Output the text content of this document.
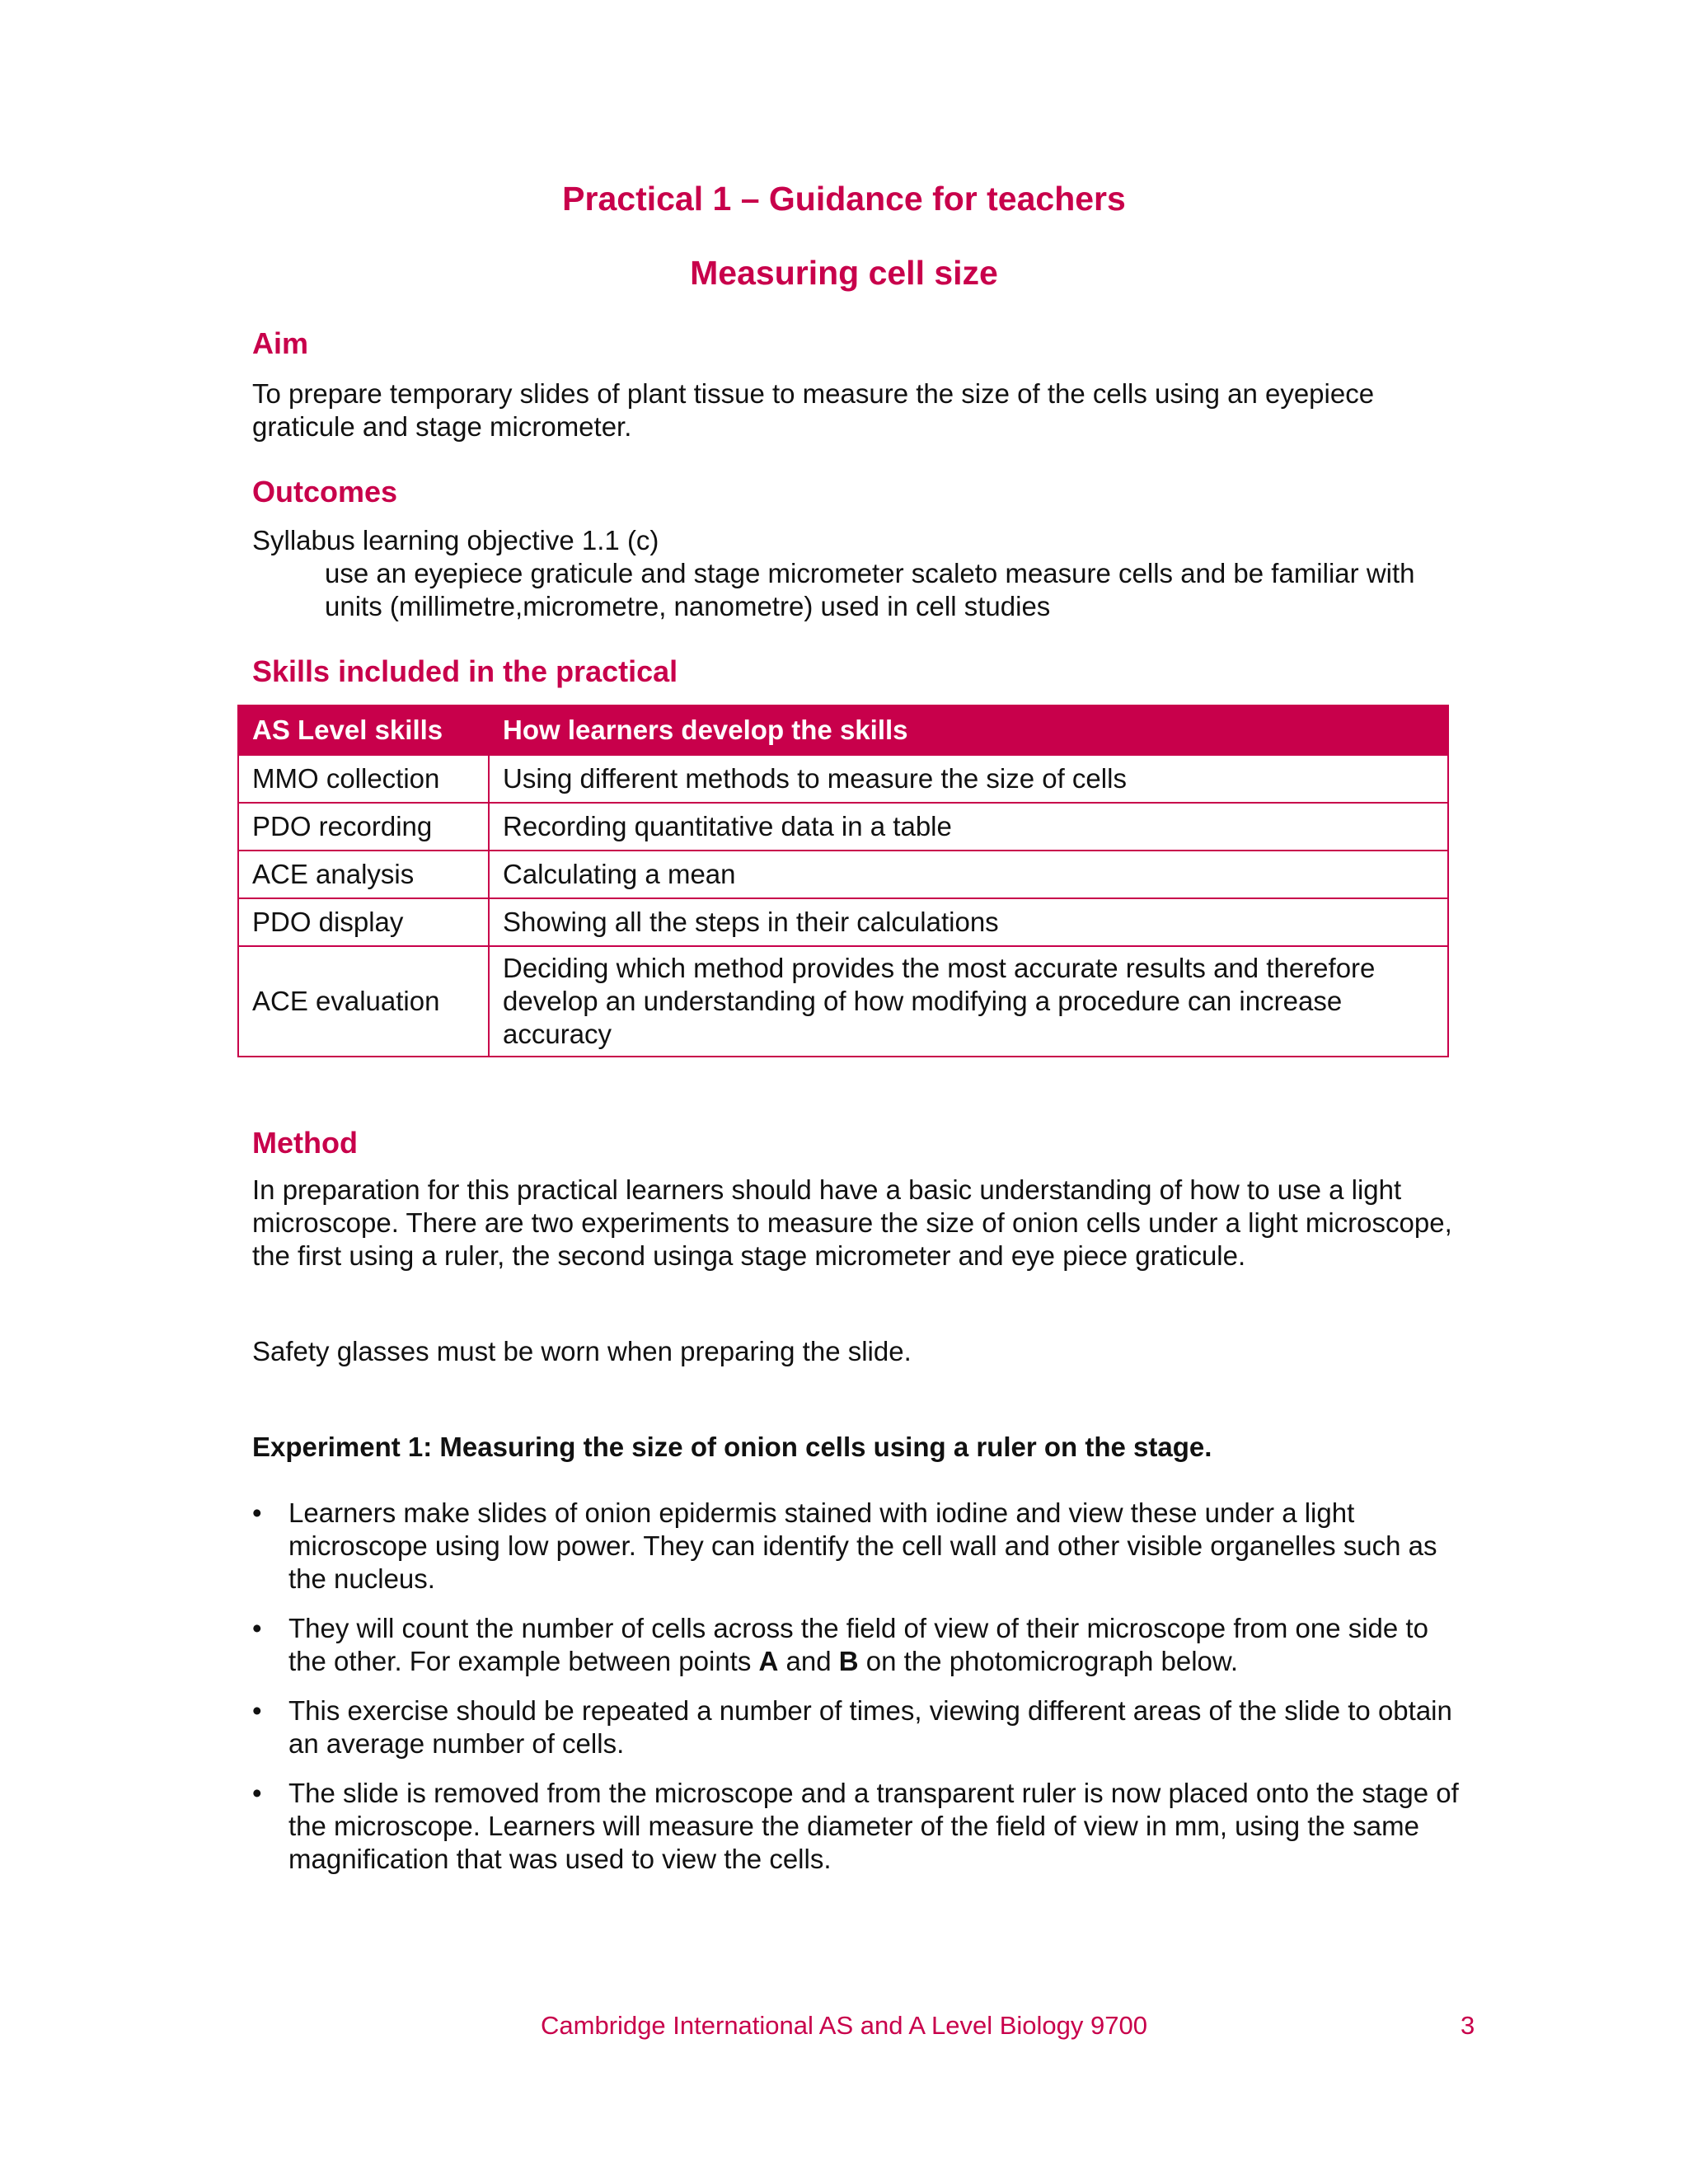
Practical 1 – Guidance for teachers
Measuring cell size
Aim

To prepare temporary slides of plant tissue to measure the size of the cells using an eyepiece graticule and stage micrometer.

Outcomes

Syllabus learning objective 1.1 (c)

use an eyepiece graticule and stage micrometer scaleto measure cells and be familiar with units (millimetre,micrometre, nanometre) used in cell studies

Skills included in the practical
AS Level skills	How learners develop the skills
MMO collection	Using different methods to measure the size of cells
PDO recording	Recording quantitative data in a table
ACE analysis	Calculating a mean
PDO display	Showing all the steps in their calculations
ACE evaluation	Deciding which method provides the most accurate results and therefore develop an understanding of how modifying a procedure can increase accuracy
Method

In preparation for this practical learners should have a basic understanding of how to use a light microscope. There are two experiments to measure the size of onion cells under a light microscope, the first using a ruler, the second usinga stage micrometer and eye piece graticule.

Safety glasses must be worn when preparing the slide.

Experiment 1: Measuring the size of onion cells using a ruler on the stage.

• Learners make slides of onion epidermis stained with iodine and view these under a light microscope using low power. They can identify the cell wall and other visible organelles such as the nucleus.
• They will count the number of cells across the field of view of their microscope from one side to the other. For example between points A and B on the photomicrograph below.
• This exercise should be repeated a number of times, viewing different areas of the slide to obtain an average number of cells.
• The slide is removed from the microscope and a transparent ruler is now placed onto the stage of the microscope. Learners will measure the diameter of the field of view in mm, using the same magnification that was used to view the cells.

Cambridge International AS and A Level Biology 9700	3
